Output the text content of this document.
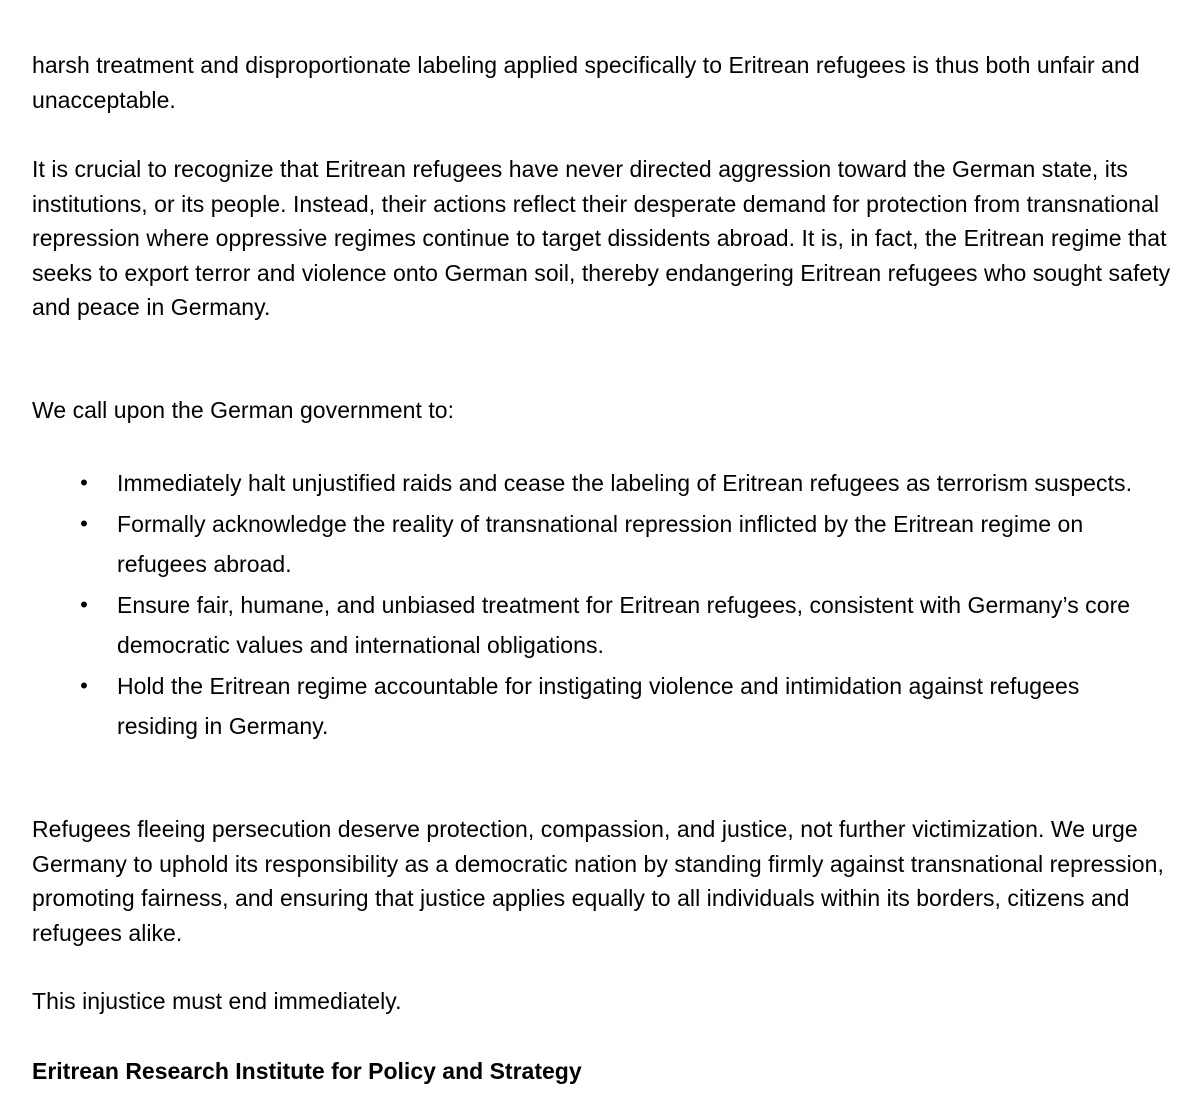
harsh treatment and disproportionate labeling applied specifically to Eritrean refugees is thus both unfair and unacceptable.

It is crucial to recognize that Eritrean refugees have never directed aggression toward the German state, its institutions, or its people. Instead, their actions reflect their desperate demand for protection from transnational repression where oppressive regimes continue to target dissidents abroad. It is, in fact, the Eritrean regime that seeks to export terror and violence onto German soil, thereby endangering Eritrean refugees who sought safety and peace in Germany.

We call upon the German government to:

• Immediately halt unjustified raids and cease the labeling of Eritrean refugees as terrorism suspects.
• Formally acknowledge the reality of transnational repression inflicted by the Eritrean regime on refugees abroad.
• Ensure fair, humane, and unbiased treatment for Eritrean refugees, consistent with Germany’s core democratic values and international obligations.
• Hold the Eritrean regime accountable for instigating violence and intimidation against refugees residing in Germany.

Refugees fleeing persecution deserve protection, compassion, and justice, not further victimization. We urge Germany to uphold its responsibility as a democratic nation by standing firmly against transnational repression, promoting fairness, and ensuring that justice applies equally to all individuals within its borders, citizens and refugees alike.

This injustice must end immediately.

Eritrean Research Institute for Policy and Strategy
